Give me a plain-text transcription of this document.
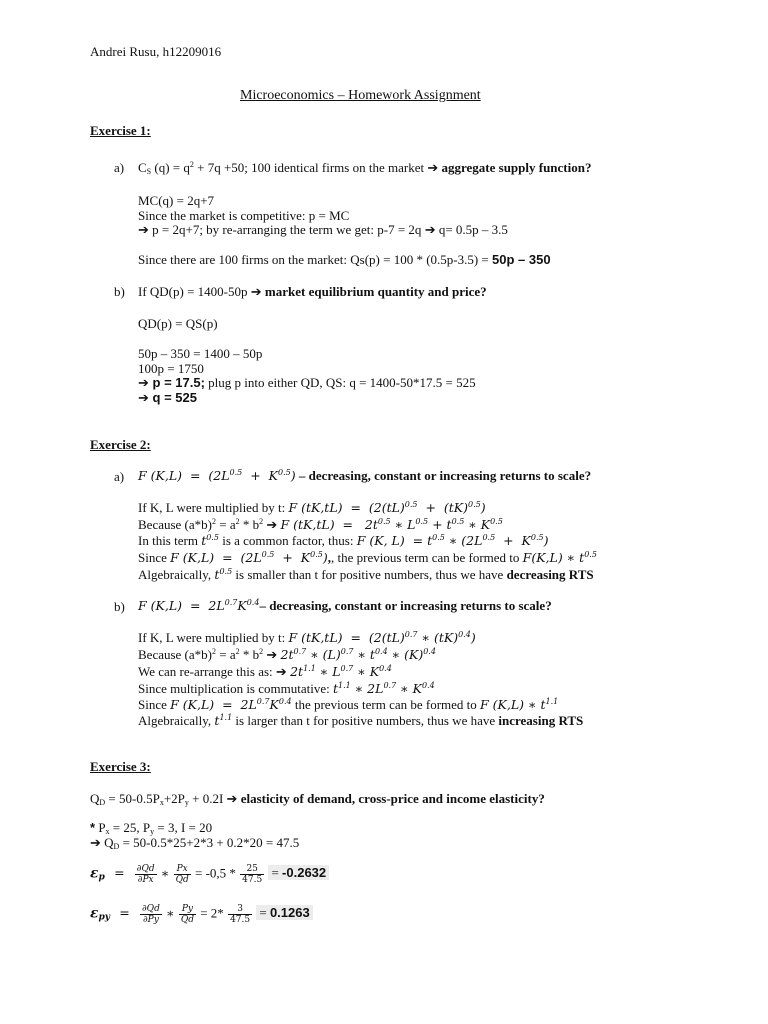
Andrei Rusu, h12209016
Microeconomics – Homework Assignment
Exercise 1:
a) $C_S$ $(q) = q^2 + 7q +50$; 100 identical firms on the market ➔ aggregate supply function?
MC(q) = 2q+7
Since the market is competitive: p = MC
➔ p = 2q+7; by re-arranging the term we get: p-7 = 2q ➔ q= 0.5p – 3.5
Since there are 100 firms on the market: Qs(p) = 100 * (0.5p-3.5) = 50p – 350
b) If QD(p) = 1400-50p ➔ market equilibrium quantity and price?
QD(p) = QS(p)
50p – 350 = 1400 – 50p
100p = 1750
➔ p = 17.5; plug p into either QD, QS: q = 1400-50*17.5 = 525
➔ q = 525
Exercise 2:
a) F $(K,L) = (2L^{0.5} + K^{0.5})$ – decreasing, constant or increasing returns to scale?
If K, L were multiplied by t: F (tK,tL)  =  (2(tL)$^{0.5}$  +  (tK)$^{0.5}$)
Because $(a*b)^2 = a^2 * b^2$ ➔ F $(tK,tL) = 2t^{0.5}$ ∗ $L^{0.5} + t^{0.5}$ ∗ $K^{0.5}$
In this term $t^{0.5}$ is a common factor, thus: F (K, $L) = t^{0.5}$ ∗ $(2L^{0.5} + K^{0.5})$
Since F $(K,L) = (2L^{0.5} + K^{0.5})$,, the previous term can be formed to F(K,L) ∗ $t^{0.5}$
Algebraically, $t^{0.5}$ is smaller than t for positive numbers, thus we have decreasing RTS
b) F $(K,L) = 2L^{0.7}K^{0.4}-$ decreasing, constant or increasing returns to scale?
If K, L were multiplied by t: F (tK,tL)  =  (2(tL)$^{0.7}$ ∗ (tK)$^{0.4}$)
Because $(a*b)^2 = a^2 * b^2$ ➔ $2t^{0.7}$ ∗ $(L)^{0.7}$ ∗ $t^{0.4}$ ∗ $(K)^{0.4}$
We can re-arrange this as: ➔ $2t^{1.1}$ ∗ $L^{0.7}$ ∗ $K^{0.4}$
Since multiplication is commutative: $t^{1.1}$ ∗ $2L^{0.7}$ ∗ $K^{0.4}$
Since F $(K,L) = 2L^{0.7}K^{0.4}$ the previous term can be formed to F (K,L) ∗ $t^{1.1}$
Algebraically, $t^{1.1}$ is larger than t for positive numbers, thus we have increasing RTS
Exercise 3:
$Q_D = 50-0.5P_x+2P_y + 0.2I$ ➔ elasticity of demand, cross-price and income elasticity?
* $P_x = 25$, $P_y = 3$, I = 20
➔ $Q_D = 50-0.5*25+2*3 + 0.2*20 = 47.5$
$\varepsilon_p = \frac{\partial Qd}{\partial Px}$ ∗ $\frac{Px}{Qd} = -0,5 * \frac{25}{47.5} = -0.2632$
$\varepsilon_{py} = \frac{\partial Qd}{\partial Py}$ ∗ $\frac{Py}{Qd} = 2* \frac{3}{47.5} = 0.1263$
